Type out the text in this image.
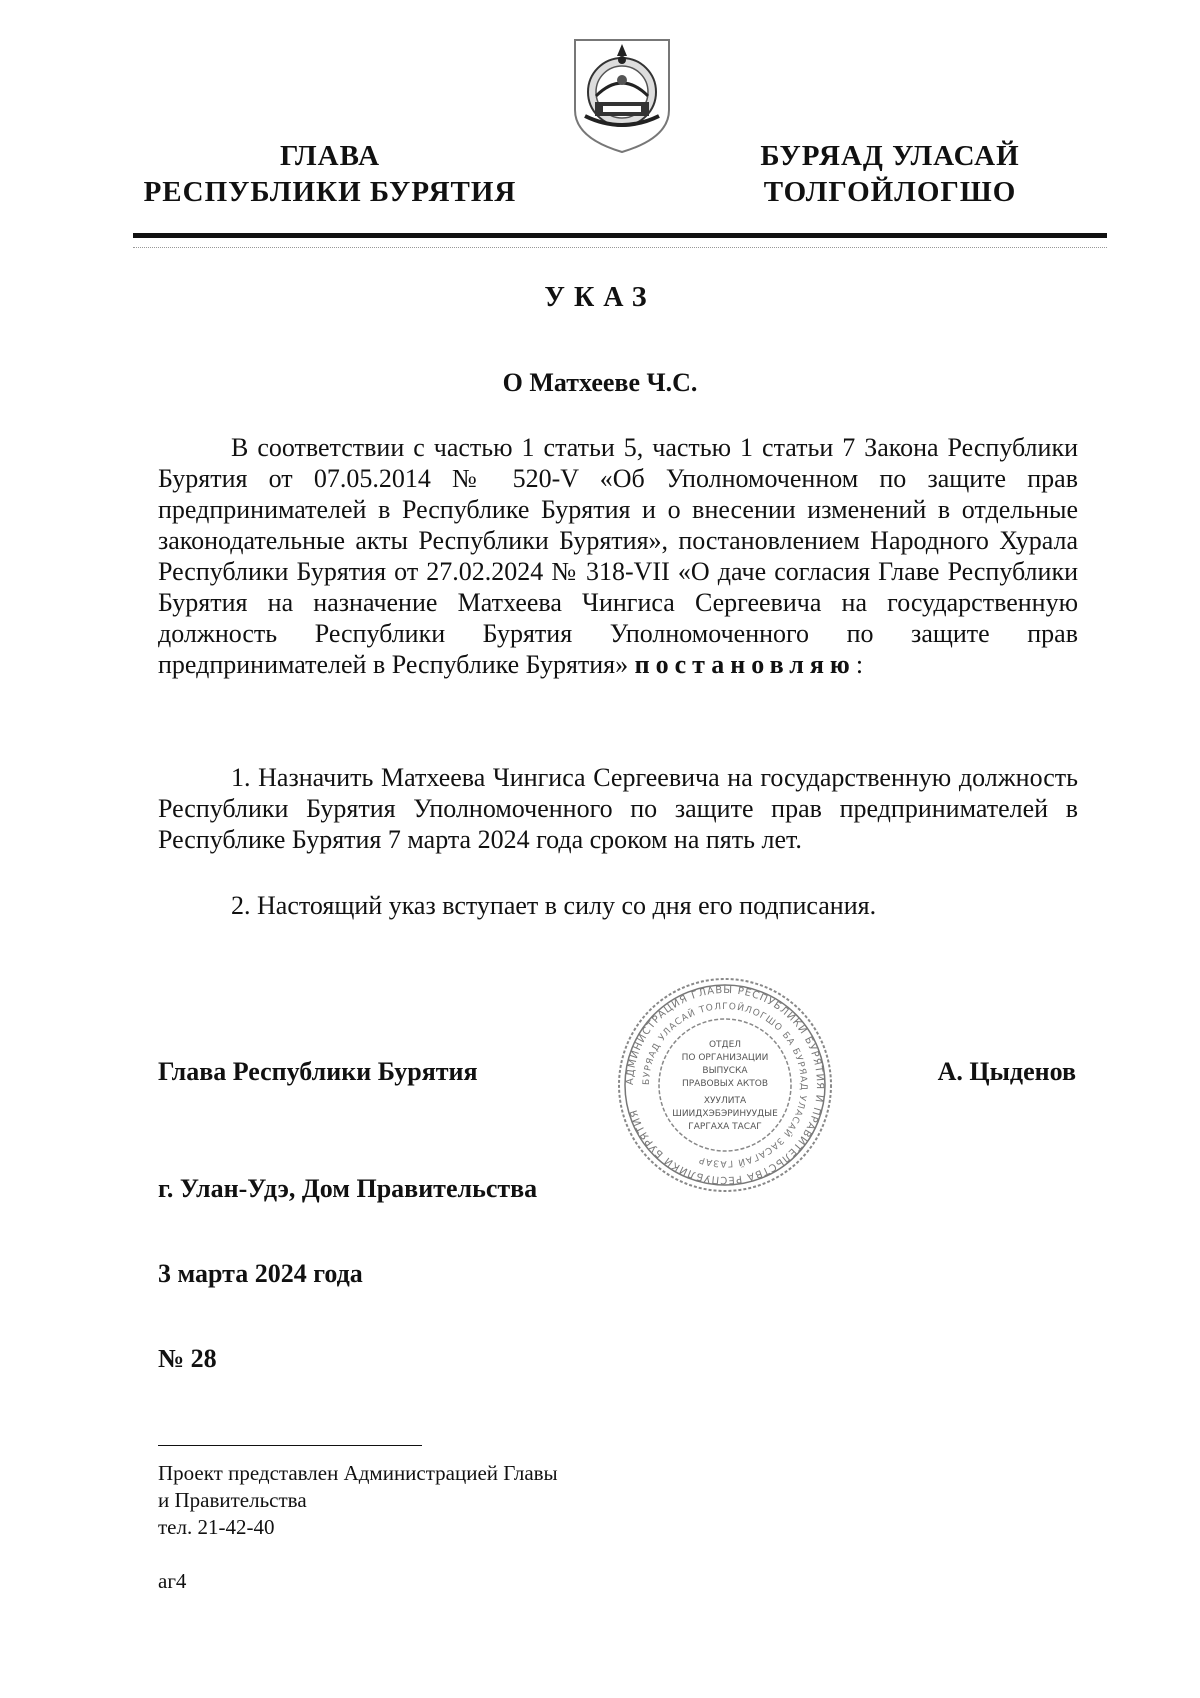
ГЛАВА
РЕСПУБЛИКИ БУРЯТИЯ
БУРЯАД УЛАСАЙ
ТОЛГОЙЛОГШО
УКАЗ
О Матхееве Ч.С.
В соответствии с частью 1 статьи 5, частью 1 статьи 7 Закона Республики Бурятия от 07.05.2014 № 520-V «Об Уполномоченном по защите прав предпринимателей в Республике Бурятия и о внесении изменений в отдельные законодательные акты Республики Бурятия», постановлением Народного Хурала Республики Бурятия от 27.02.2024 № 318-VII «О даче согласия Главе Республики Бурятия на назначение Матхеева Чингиса Сергеевича на государственную должность Республики Бурятия Уполномоченного по защите прав предпринимателей в Республике Бурятия» постановляю:
1. Назначить Матхеева Чингиса Сергеевича на государственную должность Республики Бурятия Уполномоченного по защите прав предпринимателей в Республике Бурятия 7 марта 2024 года сроком на пять лет.
2. Настоящий указ вступает в силу со дня его подписания.
АДМИНИСТРАЦИЯ ГЛАВЫ РЕСПУБЛИКИ БУРЯТИЯ И ПРАВИТЕЛЬСТВА РЕСПУБЛИКИ БУРЯТИЯ
БУРЯАД УЛАСАЙ ТОЛГОЙЛОГШО БА БУРЯАД УЛАСАЙ ЗАСАГАЙ ГАЗАР
ОТДЕЛ
ПО ОРГАНИЗАЦИИ
ВЫПУСКА
ПРАВОВЫХ АКТОВ
ХУУЛИТА
ШИИДХЭБЭРИНУУДЫЕ
ГАРГАХА ТАСАГ
Глава Республики Бурятия	А. Цыденов
г. Улан-Удэ, Дом Правительства
3 марта 2024 года
№ 28
Проект представлен Администрацией Главы
и Правительства
тел. 21-42-40
аг4
